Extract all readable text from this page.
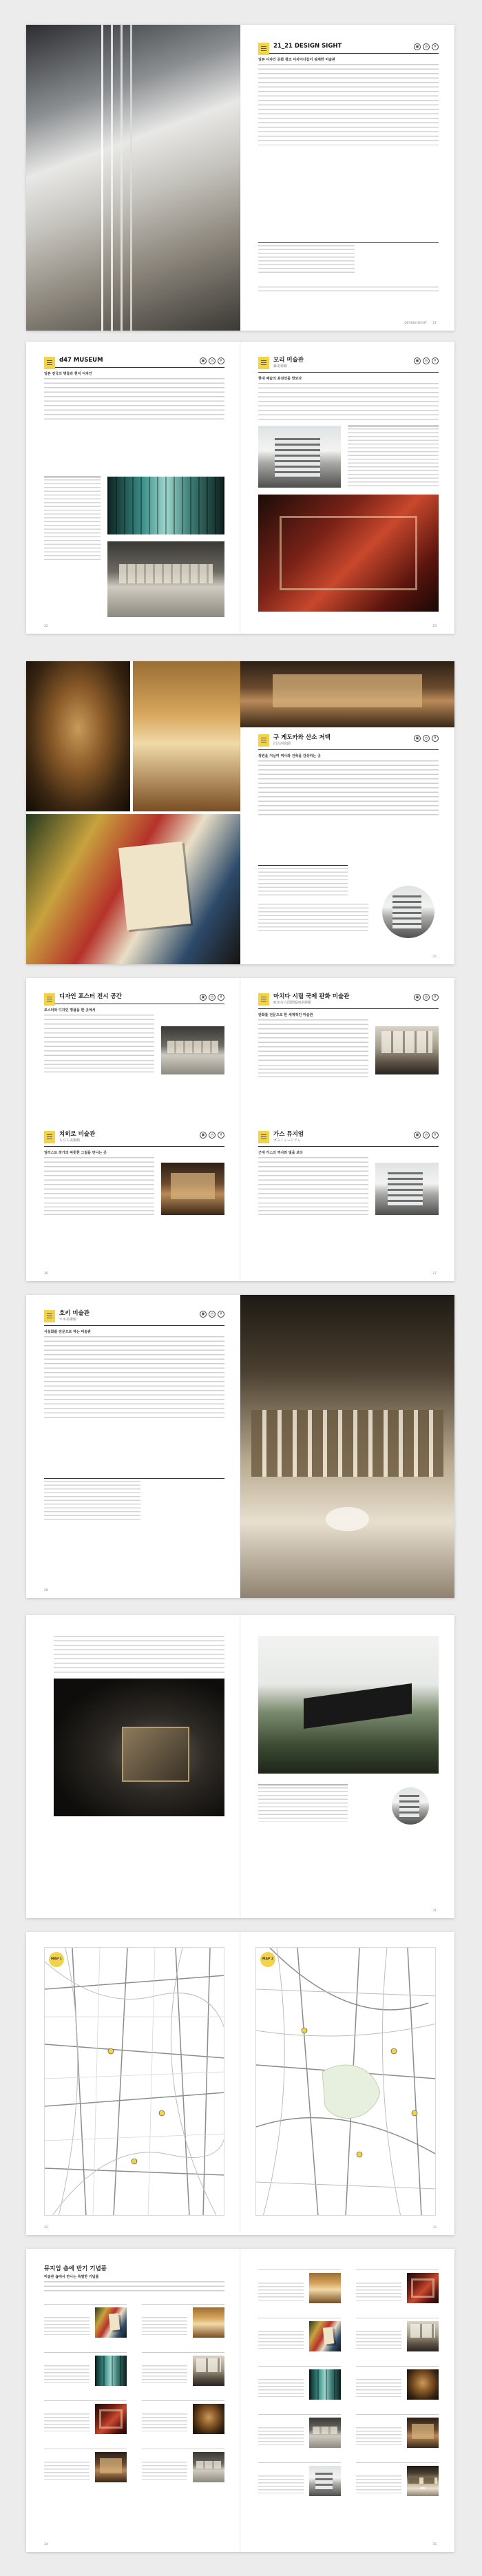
21_21 DESIGN SIGHT	▣	◷	¥
일본 디자인 문화 창조 디자이너들이 설계한 미술관
DESIGN SIGHT 21
d47 MUSEUM	▣	◷	¥
일본 전국의 명물과 현지 디자인
22
모리 미술관
森美術館
▣	◷	¥
현대 예술의 최전선을 맛보다
23
구 게도카와 산소 저택
旧古河庭園
▣	◷	¥
정원을 거닐며 역사와 건축을 감상하는 곳
25
디자인 포스터 전시 공간	▣	◷	¥
포스터와 디자인 명품을 한 곳에서
치히로 미술관
ちひろ美術館
▣	◷	¥
일러스트 작가의 따뜻한 그림을 만나는 곳
26
마치다 시립 국제 판화 미술관
町田市立国際版画美術館
▣	◷	¥
판화를 전문으로 한 세계적인 미술관
가스 뮤지엄
ガスミュージアム
▣	◷	¥
근대 가스의 역사와 빛을 보다
27
호키 미술관
ホキ美術館
▣	◷	¥
사실화를 전문으로 하는 미술관
28
31
MAP 1
32
MAP 2
33
뮤지엄 숍에 반기 기념품
미술관 숍에서 만나는 특별한 기념품
34	35
